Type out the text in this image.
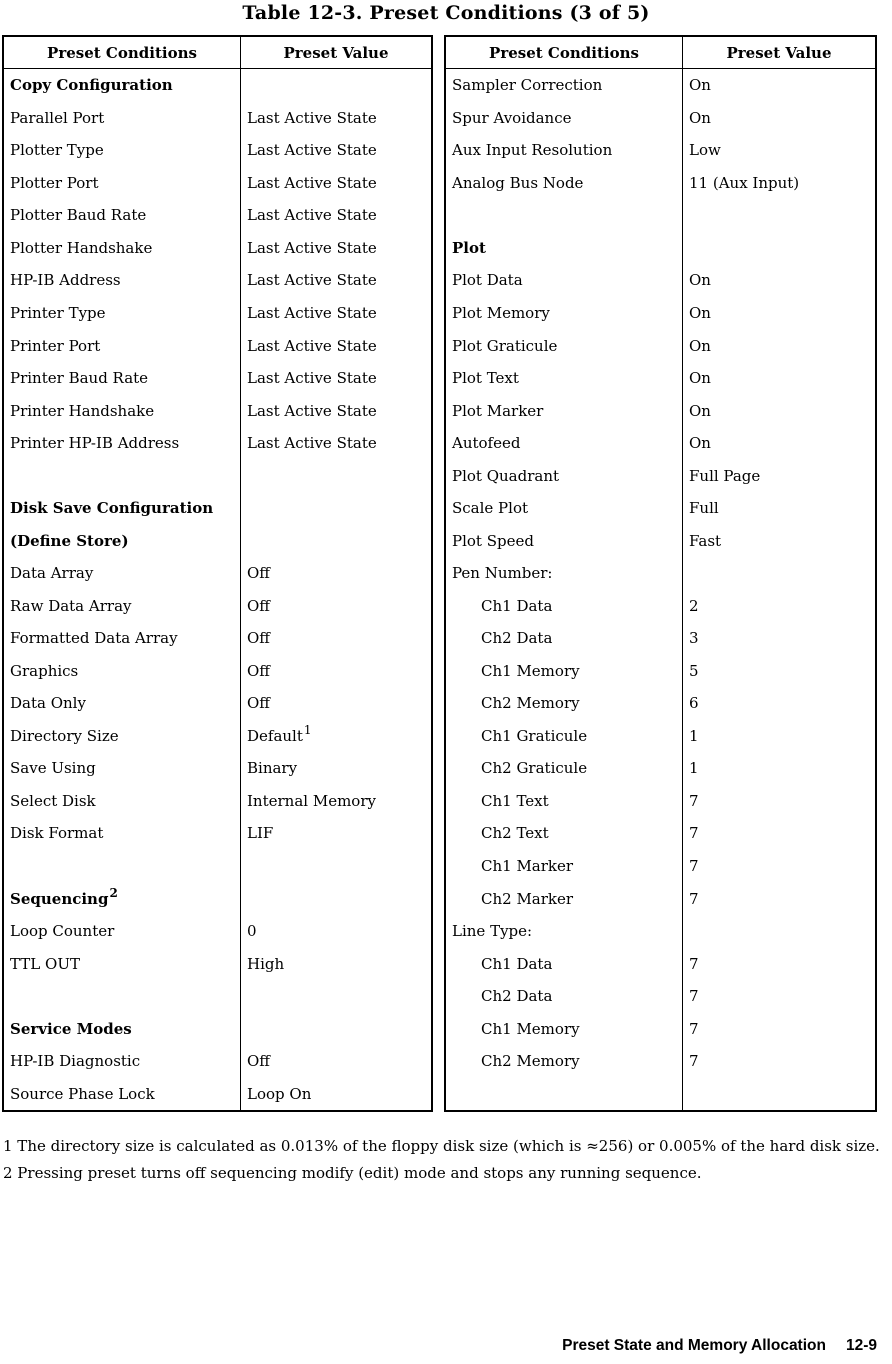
Table 12-3. Preset Conditions (3 of 5)
Preset Conditions	Preset Value
Copy Configuration
Parallel Port	Last Active State
Plotter Type	Last Active State
Plotter Port	Last Active State
Plotter Baud Rate	Last Active State
Plotter Handshake	Last Active State
HP-IB Address	Last Active State
Printer Type	Last Active State
Printer Port	Last Active State
Printer Baud Rate	Last Active State
Printer Handshake	Last Active State
Printer HP-IB Address	Last Active State
Disk Save Configuration
(Define Store)
Data Array	Off
Raw Data Array	Off
Formatted Data Array	Off
Graphics	Off
Data Only	Off
Directory Size	Default$^1$
Save Using	Binary
Select Disk	Internal Memory
Disk Format	LIF
Sequencing$^2$
Loop Counter	0
TTL OUT	High
Service Modes
HP-IB Diagnostic	Off
Source Phase Lock	Loop On
Preset Conditions	Preset Value
Sampler Correction	On
Spur Avoidance	On
Aux Input Resolution	Low
Analog Bus Node	11 (Aux Input)
Plot
Plot Data	On
Plot Memory	On
Plot Graticule	On
Plot Text	On
Plot Marker	On
Autofeed	On
Plot Quadrant	Full Page
Scale Plot	Full
Plot Speed	Fast
Pen Number:
Ch1 Data	2
Ch2 Data	3
Ch1 Memory	5
Ch2 Memory	6
Ch1 Graticule	1
Ch2 Graticule	1
Ch1 Text	7
Ch2 Text	7
Ch1 Marker	7
Ch2 Marker	7
Line Type:
Ch1 Data	7
Ch2 Data	7
Ch1 Memory	7
Ch2 Memory	7
1 The directory size is calculated as 0.013% of the floppy disk size (which is ≈256) or 0.005% of the hard disk size.
2 Pressing preset turns off sequencing modify (edit) mode and stops any running sequence.
Preset State and Memory Allocation 12-9
